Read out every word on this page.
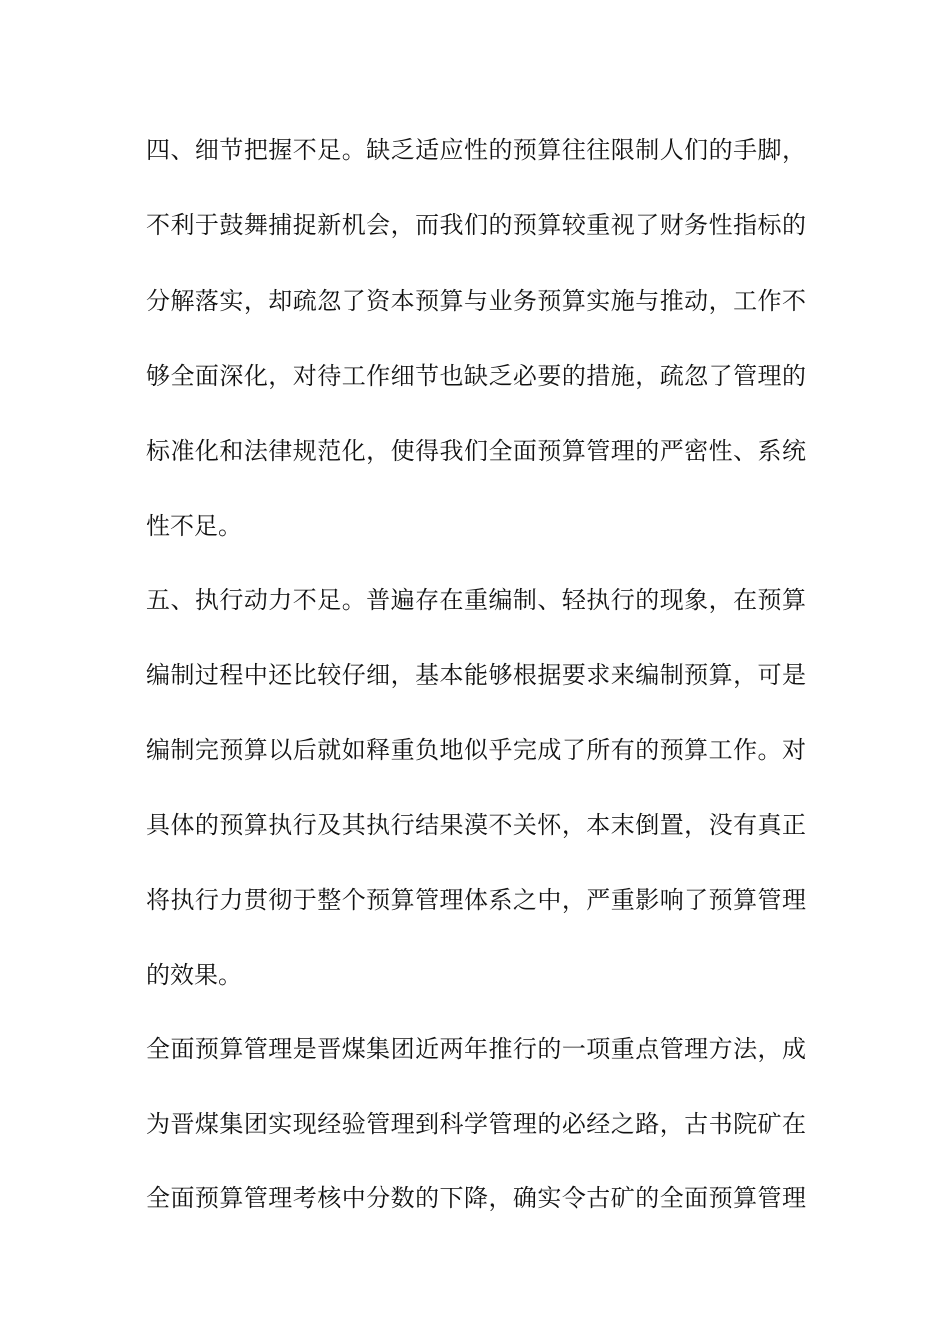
四、细节把握不足。缺乏适应性的预算往往限制人们的手脚，
不利于鼓舞捕捉新机会，而我们的预算较重视了财务性指标的
分解落实，却疏忽了资本预算与业务预算实施与推动，工作不
够全面深化，对待工作细节也缺乏必要的措施，疏忽了管理的
标准化和法律规范化，使得我们全面预算管理的严密性、系统
性不足。
五、执行动力不足。普遍存在重编制、轻执行的现象，在预算
编制过程中还比较仔细，基本能够根据要求来编制预算，可是
编制完预算以后就如释重负地似乎完成了所有的预算工作。对
具体的预算执行及其执行结果漠不关怀，本末倒置，没有真正
将执行力贯彻于整个预算管理体系之中，严重影响了预算管理
的效果。
全面预算管理是晋煤集团近两年推行的一项重点管理方法，成
为晋煤集团实现经验管理到科学管理的必经之路，古书院矿在
全面预算管理考核中分数的下降，确实令古矿的全面预算管理
